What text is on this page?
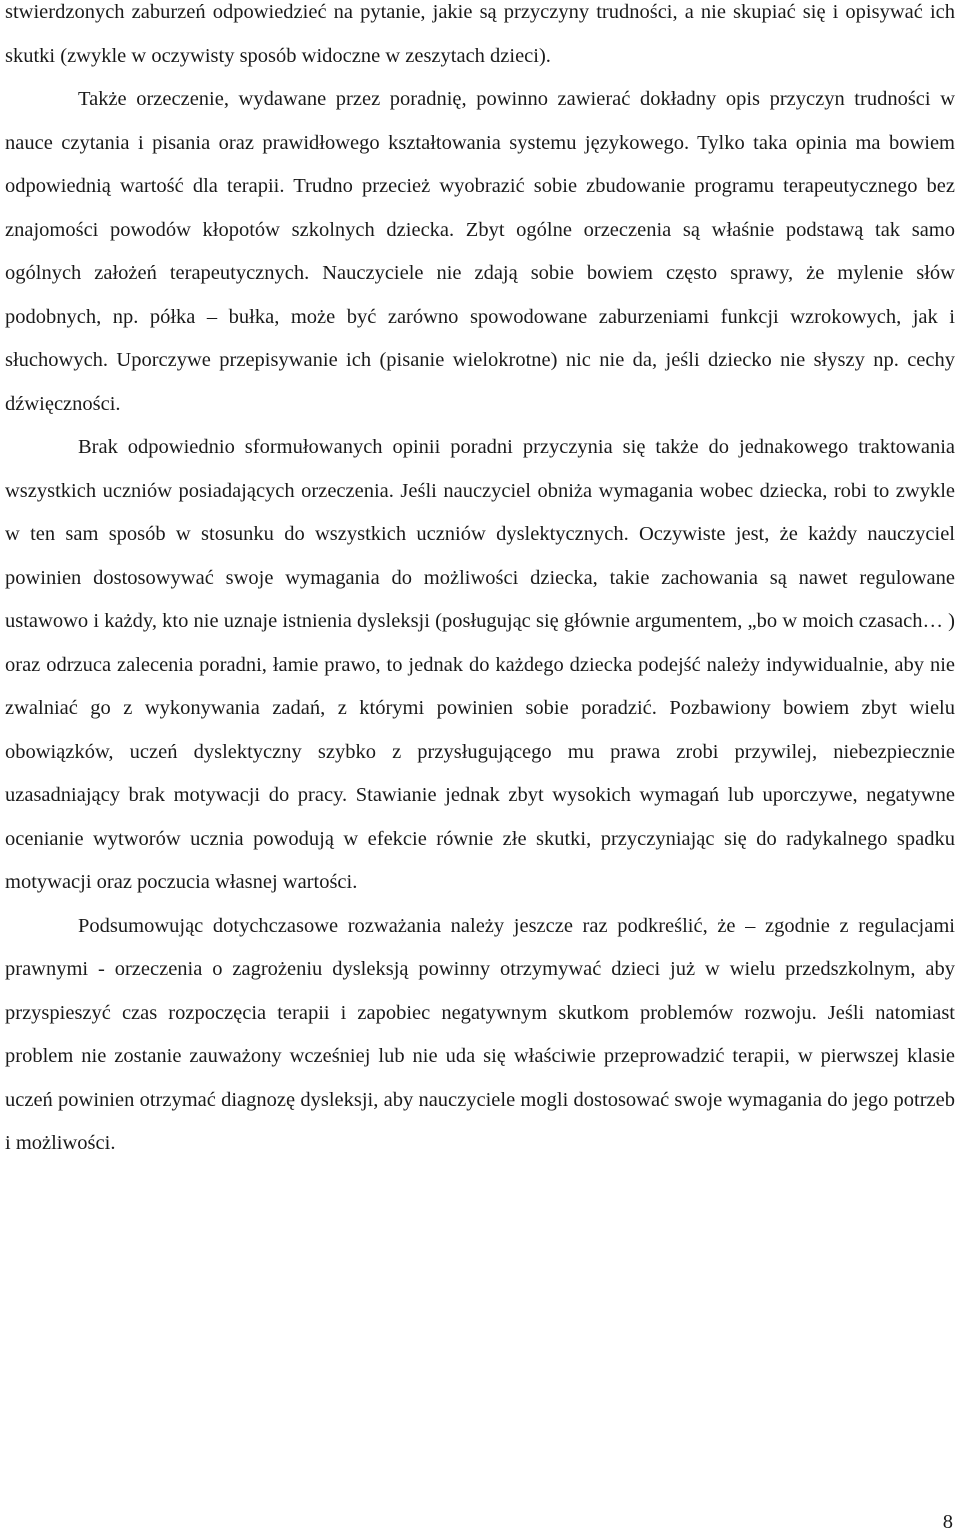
stwierdzonych zaburzeń odpowiedzieć na pytanie, jakie są przyczyny trudności, a nie skupiać się i opisywać ich skutki (zwykle w oczywisty sposób widoczne w zeszytach dzieci).

Także orzeczenie, wydawane przez poradnię, powinno zawierać dokładny opis przyczyn trudności w nauce czytania i pisania oraz prawidłowego kształtowania systemu językowego. Tylko taka opinia ma bowiem odpowiednią wartość dla terapii. Trudno przecież wyobrazić sobie zbudowanie programu terapeutycznego bez znajomości powodów kłopotów szkolnych dziecka. Zbyt ogólne orzeczenia są właśnie podstawą tak samo ogólnych założeń terapeutycznych. Nauczyciele nie zdają sobie bowiem często sprawy, że mylenie słów podobnych, np. półka – bułka, może być zarówno spowodowane zaburzeniami funkcji wzrokowych, jak i słuchowych. Uporczywe przepisywanie ich (pisanie wielokrotne) nic nie da, jeśli dziecko nie słyszy np. cechy dźwięczności.

Brak odpowiednio sformułowanych opinii poradni przyczynia się także do jednakowego traktowania wszystkich uczniów posiadających orzeczenia. Jeśli nauczyciel obniża wymagania wobec dziecka, robi to zwykle w ten sam sposób w stosunku do wszystkich uczniów dyslektycznych. Oczywiste jest, że każdy nauczyciel powinien dostosowywać swoje wymagania do możliwości dziecka, takie zachowania są nawet regulowane ustawowo i każdy, kto nie uznaje istnienia dysleksji (posługując się głównie argumentem, „bo w moich czasach… ) oraz odrzuca zalecenia poradni, łamie prawo, to jednak do każdego dziecka podejść należy indywidualnie, aby nie zwalniać go z wykonywania zadań, z którymi powinien sobie poradzić. Pozbawiony bowiem zbyt wielu obowiązków, uczeń dyslektyczny szybko z przysługującego mu prawa zrobi przywilej, niebezpiecznie uzasadniający brak motywacji do pracy. Stawianie jednak zbyt wysokich wymagań lub uporczywe, negatywne ocenianie wytworów ucznia powodują w efekcie równie złe skutki, przyczyniając się do radykalnego spadku motywacji oraz poczucia własnej wartości.

Podsumowując dotychczasowe rozważania należy jeszcze raz podkreślić, że – zgodnie z regulacjami prawnymi - orzeczenia o zagrożeniu dysleksją powinny otrzymywać dzieci już w wielu przedszkolnym, aby przyspieszyć czas rozpoczęcia terapii i zapobiec negatywnym skutkom problemów rozwoju. Jeśli natomiast problem nie zostanie zauważony wcześniej lub nie uda się właściwie przeprowadzić terapii, w pierwszej klasie uczeń powinien otrzymać diagnozę dysleksji, aby nauczyciele mogli dostosować swoje wymagania do jego potrzeb i możliwości.

8
